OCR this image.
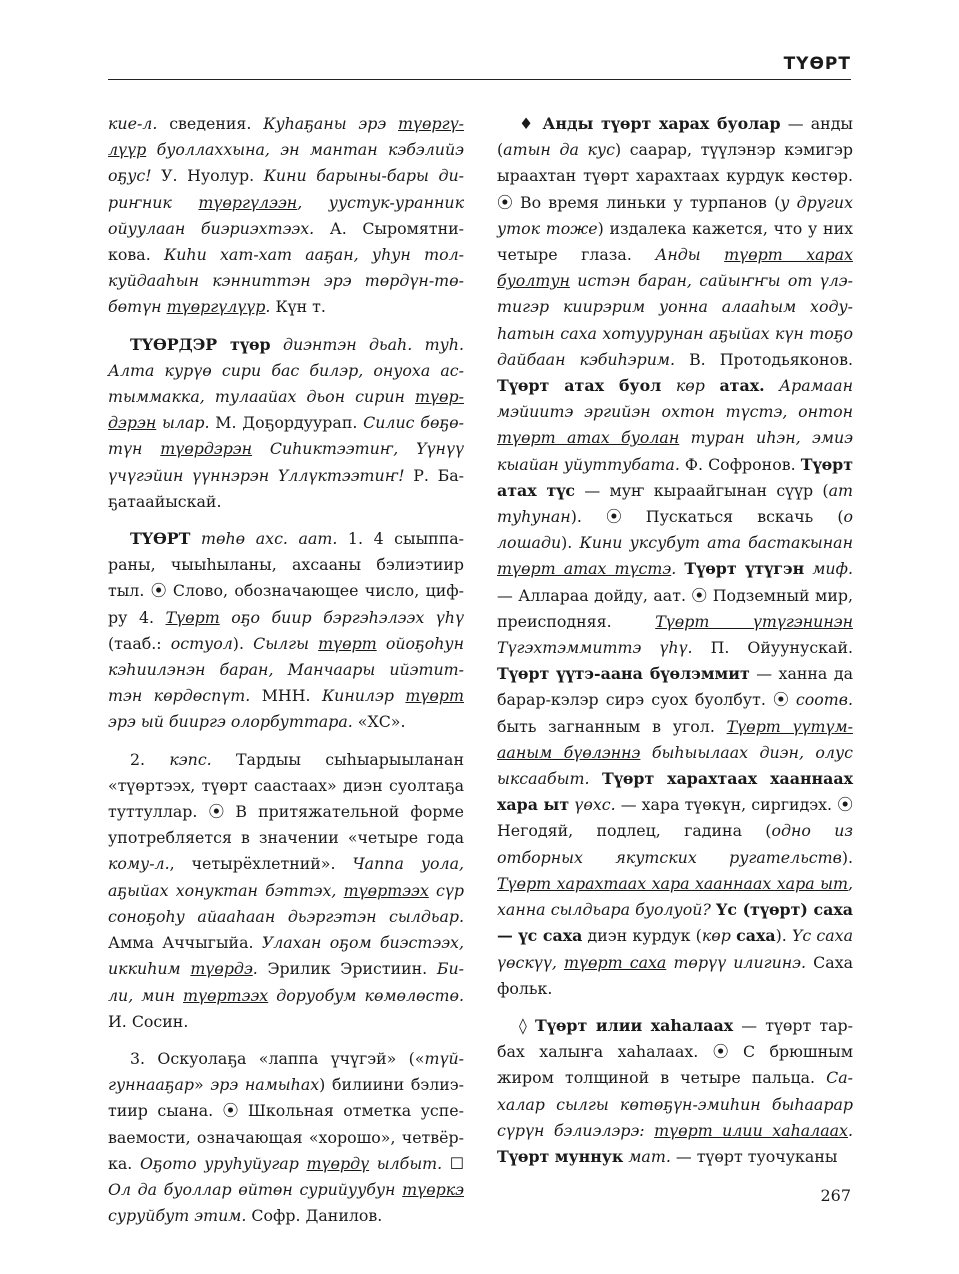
ТҮӨРТ

кие-л. сведения. Куһаҕаны эрэ түөргүлүүр буоллаххына, эн мантан кэбэлийэ оҕус! У. Нуолур. Кини барыны-бары дириҥник түөргүлээн, уустук-уранник ойуулаан биэриэхтээх. А. Сыромятникова. Киһи хат-хат ааҕан, уһун толкуйдааһын кэнниттэн эрэ төрдүн-төбөтүн түөргүлүүр. Күн т.

ТҮӨРДЭР түөр диэнтэн дьаһ. туһ. Алта курүө сири бас билэр, онуоха астыммакка, тулаайах дьон сирин түөрдэрэн ылар. М. Доҕордуурап. Силис бөҕөтүн түөрдэрэн Сиһиктээтиҥ, Үүнүү үчүгэйин үүннэрэн Үллүктээтиҥ! Р. Баҕатаайыскай.

ТҮӨРТ төһө ахс. аат. 1. 4 сыыппараны, чыыһыланы, ахсааны бэлиэтиир тыл. ⦿ Слово, обозначающее число, цифру 4. Түөрт оҕо биир бэргэһэлээх үһү (тааб.: остуол). Сылгы түөрт ойоҕоһун кэһиилэнэн баран, Манчаары ийэтиттэн көрдөспүт. МНН. Кинилэр түөрт эрэ ый бииргэ олорбуттара. «ХС».

2. кэпс. Тардыы сыһыарыыланан «түөртээх, түөрт саастаах» диэн суолтаҕа туттуллар. ⦿ В притяжательной форме употребляется в значении «четыре года кому-л., четырёхлетний». Чаппа уола, аҕыйах хонуктан бэттэх, түөртээх сүр соноҕоһу айааһаан дьэргэтэн сылдьар. Амма Аччыгыйа. Улахан оҕом биэстээх, иккиһим түөрдэ. Эрилик Эристиин. Били, мин түөртээх доруобум көмөлөстө. И. Сосин.

3. Оскуолаҕа «лаппа үчүгэй» («түйгуннааҕар» эрэ намыһах) билиини бэлиэтиир сыана. ⦿ Школьная отметка успеваемости, означающая «хорошо», четвёрка. Оҕото уруһуйугар түөрдү ылбыт. ☐ Ол да буоллар өйтөн сурийуубун түөркэ суруйбут этим. Софр. Данилов.

♦ Анды түөрт харах буолар — анды (атын да кус) саарар, түүлэнэр кэмигэр ыраахтан түөрт харахтаах курдук көстөр. ⦿ Во время линьки у турпанов (у других уток тоже) издалека кажется, что у них четыре глаза. Анды түөрт харах буолтун истэн баран, сайыҥҥы от үлэтигэр киирэрим уонна алааһым ходуһатын саха хотуурунан аҕыйах күн тоҕо дайбаан кэбиһэрим. В. Протодьяконов. Түөрт атах буол көр атах. Арамаан мэйиитэ эргийэн охтон түстэ, онтон түөрт атах буолан туран иһэн, эмиэ кыайан уйуттубата. Ф. Софронов. Түөрт атах түс — муҥ кыраайгынан сүүр (ат туһунан). ⦿ Пускаться вскачь (о лошади). Кини уксубут ата бастакынан түөрт атах түстэ. Түөрт үтүгэн миф. — Аллараа дойду, аат. ⦿ Подземный мир, преисподняя. Түөрт үтүгэнинэн Түгэхтэммиттэ үһү. П. Ойуунускай. Түөрт үүтэ-аана бүөлэммит — ханна да барар-кэлэр сирэ суох буолбут. ⦿ соотв. быть загнанным в угол. Түөрт үүтүм-ааным бүөлэннэ быһыылаах диэн, олус ыксаабыт. Түөрт харахтаах хааннаах хара ыт үөхс. — хара түөкүн, сиргидэх. ⦿ Негодяй, подлец, гадина (одно из отборных якутских ругательств). Түөрт харахтаах хара хааннаах хара ыт, ханна сылдьара буолуой? Үс (түөрт) саха — үс саха диэн курдук (көр саха). Үс саха үөскүү, түөрт саха төрүү илигинэ. Саха фольк.

◊ Түөрт илии хаһалаах — түөрт тарбах халыҥа хаһалаах. ⦿ С брюшным жиром толщиной в четыре пальца. Сахалар сылгы көтөҕүн-эмиһин быһаарар сүрүн бэлиэлэрэ: түөрт илии хаһалаах. Түөрт муннук мат. — түөрт туочуканы

267
